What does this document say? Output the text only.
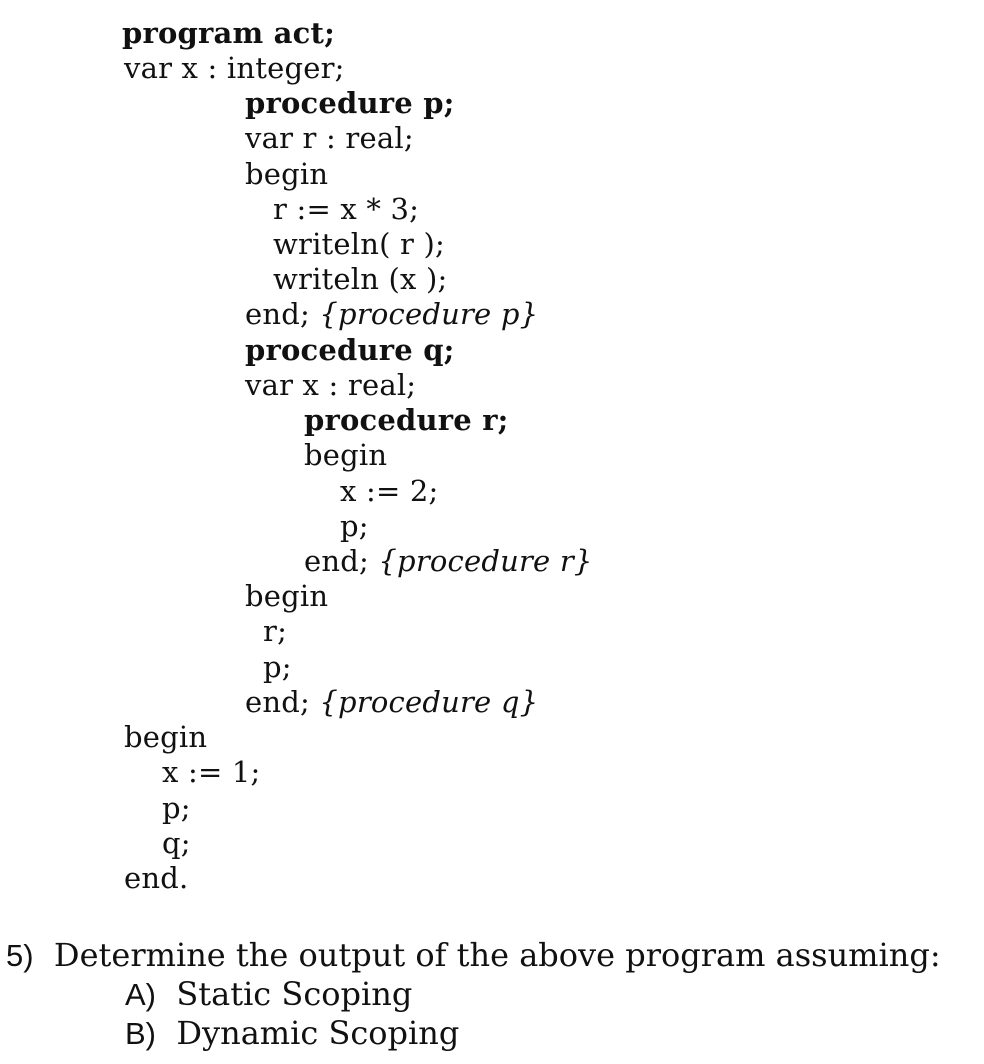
program act;
var x : integer;
procedure p;
var r : real;
begin
r := x * 3;
writeln( r );
writeln (x );
end; {procedure p}
procedure q;
var x : real;
procedure r;
begin
x := 2;
p;
end; {procedure r}
begin
r;
p;
end; {procedure q}
begin
x := 1;
p;
q;
end.
5) Determine the output of the above program assuming:
A) Static Scoping
B) Dynamic Scoping
